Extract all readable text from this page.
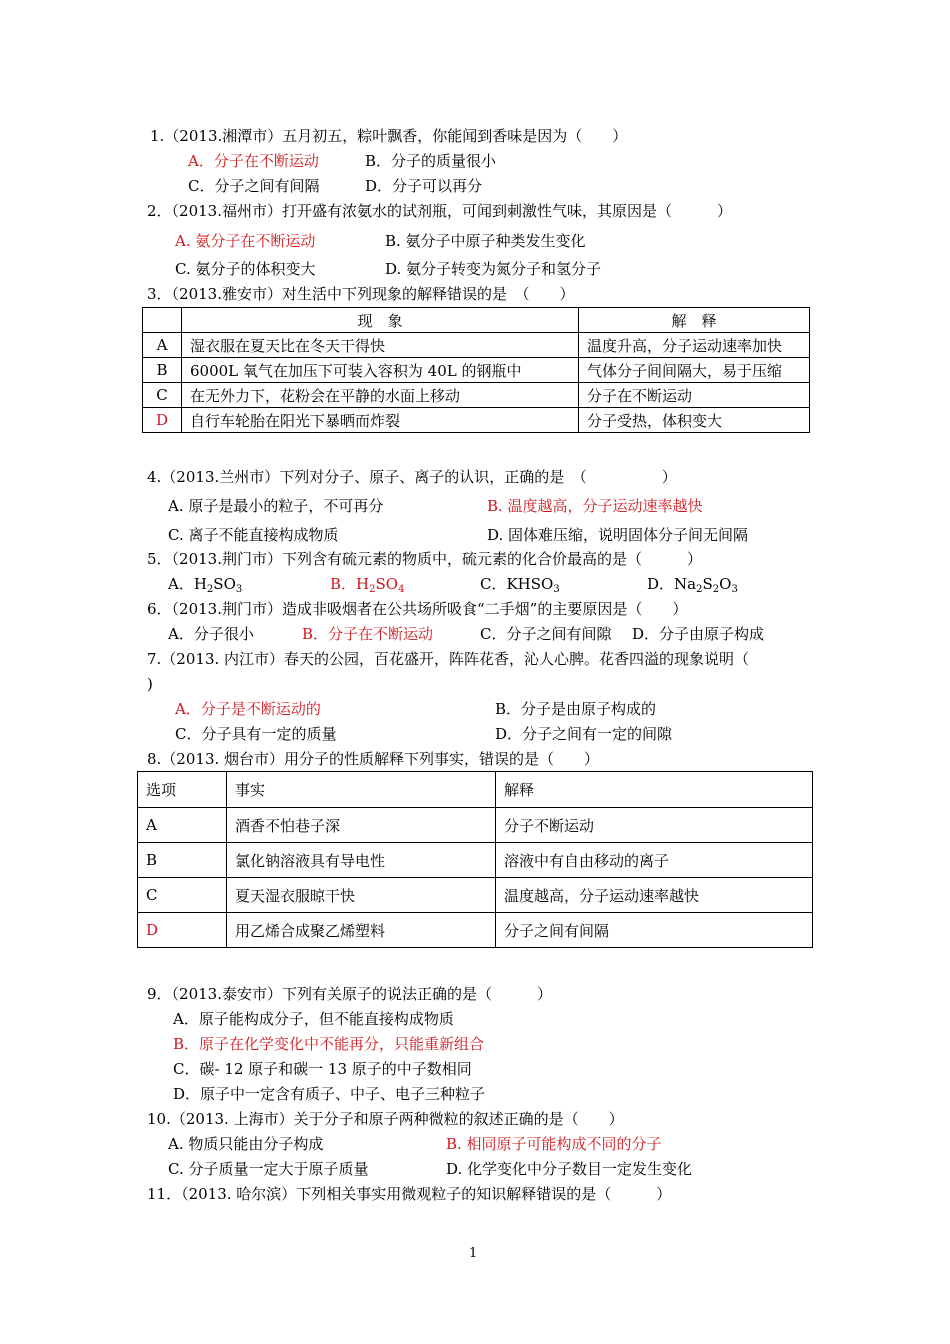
1.（2013.湘潭市）五月初五，粽叶飘香，你能闻到香味是因为（　　）
A．分子在不断运动	B．分子的质量很小
C．分子之间有间隔	D．分子可以再分
2．（2013.福州市）打开盛有浓氨水的试剂瓶，可闻到刺激性气味，其原因是（　　　）
A. 氨分子在不断运动	B. 氨分子中原子种类发生变化
C. 氨分子的体积变大	D. 氨分子转变为氮分子和氢分子
3．（2013.雅安市）对生活中下列现象的解释错误的是　（　　）
	现　象	解　释
A	湿衣服在夏天比在冬天干得快	温度升高，分子运动速率加快
B	6000L 氧气在加压下可装入容积为 40L 的钢瓶中	气体分子间间隔大，易于压缩
C	在无外力下，花粉会在平静的水面上移动	分子在不断运动
D	自行车轮胎在阳光下暴晒而炸裂	分子受热，体积变大
4.（2013.兰州市）下列对分子、原子、离子的认识，正确的是　（　　　　　）
A. 原子是最小的粒子，不可再分	B. 温度越高，分子运动速率越快
C. 离子不能直接构成物质	D. 固体难压缩，说明固体分子间无间隔
5．（2013.荆门市）下列含有硫元素的物质中，硫元素的化合价最高的是（　　　）
A．$H_2SO_3$	B．$H_2SO_4$	C．$KHSO_3$	D．$Na_2S_2O_3$
6．（2013.荆门市）造成非吸烟者在公共场所吸食“二手烟”的主要原因是（　　）
A．分子很小	B．分子在不断运动	C．分子之间有间隙 D．分子由原子构成
7.（2013. 内江市）春天的公园，百花盛开，阵阵花香，沁人心脾。花香四溢的现象说明（
)
A．分子是不断运动的	B．分子是由原子构成的
C．分子具有一定的质量	D．分子之间有一定的间隙
8.（2013. 烟台市）用分子的性质解释下列事实，错误的是（　　）
选项	事实	解释
A	酒香不怕巷子深	分子不断运动
B	氯化钠溶液具有导电性	溶液中有自由移动的离子
C	夏天湿衣服晾干快	温度越高，分子运动速率越快
D	用乙烯合成聚乙烯塑料	分子之间有间隔
9．（2013.泰安市）下列有关原子的说法正确的是（　　　）
A．原子能构成分子，但不能直接构成物质
B．原子在化学变化中不能再分，只能重新组合
C．碳- 12 原子和碳一 13 原子的中子数相同
D．原子中一定含有质子、中子、电子三种粒子
10.（2013. 上海市）关于分子和原子两种微粒的叙述正确的是（　　）
A. 物质只能由分子构成	B. 相同原子可能构成不同的分子
C. 分子质量一定大于原子质量	D. 化学变化中分子数目一定发生变化
11．（2013. 哈尔滨）下列相关事实用微观粒子的知识解释错误的是（　　　）
1
